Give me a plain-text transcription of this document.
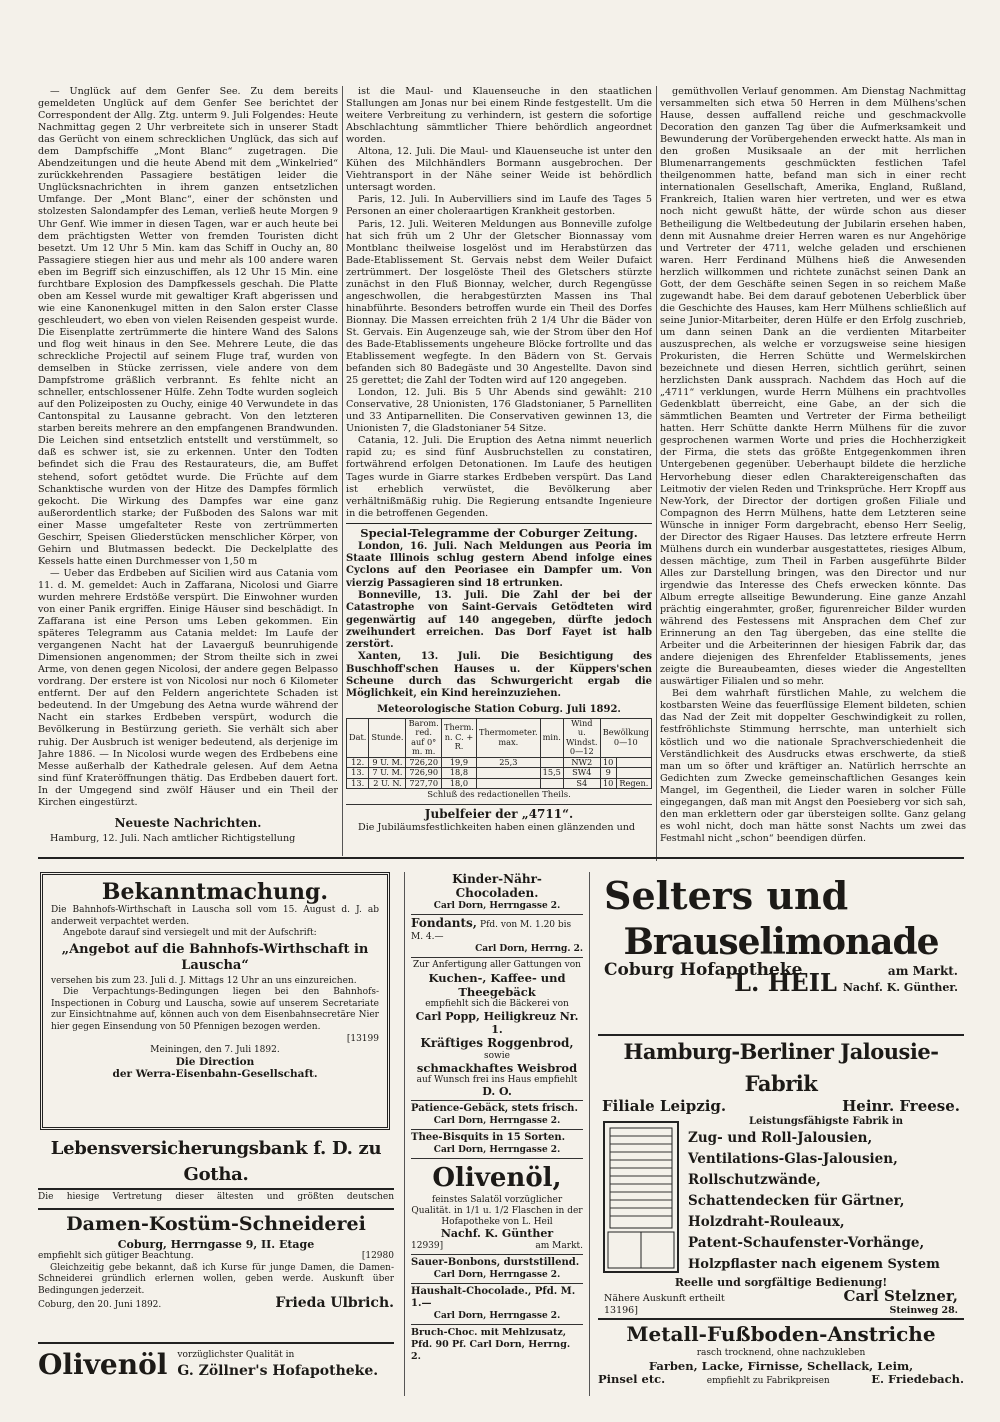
— Unglück auf dem Genfer See. Zu dem bereits gemeldeten Unglück auf dem Genfer See berichtet der Correspondent der Allg. Ztg. unterm 9. Juli Folgendes: Heute Nachmittag gegen 2 Uhr verbreitete sich in unserer Stadt das Gerücht von einem schrecklichen Unglück, das sich auf dem Dampfschiffe „Mont Blanc“ zugetragen. Die Abendzeitungen und die heute Abend mit dem „Winkelried“ zurückkehrenden Passagiere bestätigen leider die Unglücksnachrichten in ihrem ganzen entsetzlichen Umfange. Der „Mont Blanc“, einer der schönsten und stolzesten Salondampfer des Leman, verließ heute Morgen 9 Uhr Genf. Wie immer in diesen Tagen, war er auch heute bei dem prächtigsten Wetter von fremden Touristen dicht besetzt. Um 12 Uhr 5 Min. kam das Schiff in Ouchy an, 80 Passagiere stiegen hier aus und mehr als 100 andere waren eben im Begriff sich einzuschiffen, als 12 Uhr 15 Min. eine furchtbare Explosion des Dampfkessels geschah. Die Platte oben am Kessel wurde mit gewaltiger Kraft abgerissen und wie eine Kanonenkugel mitten in den Salon erster Classe geschleudert, wo eben von vielen Reisenden gespeist wurde. Die Eisenplatte zertrümmerte die hintere Wand des Salons und flog weit hinaus in den See. Mehrere Leute, die das schreckliche Projectil auf seinem Fluge traf, wurden von demselben in Stücke zerrissen, viele andere von dem Dampfstrome gräßlich verbrannt. Es fehlte nicht an schneller, entschlossener Hülfe. Zehn Todte wurden sogleich auf den Polizeiposten zu Ouchy, einige 40 Verwundete in das Cantonspital zu Lausanne gebracht. Von den letzteren starben bereits mehrere an den empfangenen Brandwunden. Die Leichen sind entsetzlich entstellt und verstümmelt, so daß es schwer ist, sie zu erkennen. Unter den Todten befindet sich die Frau des Restaurateurs, die, am Buffet stehend, sofort getödtet wurde. Die Früchte auf dem Schanktische wurden von der Hitze des Dampfes förmlich gekocht. Die Wirkung des Dampfes war eine ganz außerordentlich starke; der Fußboden des Salons war mit einer Masse umgefalteter Reste von zertrümmerten Geschirr, Speisen Gliederstücken menschlicher Körper, von Gehirn und Blutmassen bedeckt. Die Deckelplatte des Kessels hatte einen Durchmesser von 1,50 m

— Ueber das Erdbeben auf Sicilien wird aus Catania vom 11. d. M. gemeldet: Auch in Zaffarana, Nicolosi und Giarre wurden mehrere Erdstöße verspürt. Die Einwohner wurden von einer Panik ergriffen. Einige Häuser sind beschädigt. In Zaffarana ist eine Person ums Leben gekommen. Ein späteres Telegramm aus Catania meldet: Im Laufe der vergangenen Nacht hat der Lavaerguß beunruhigende Dimensionen angenommen; der Strom theilte sich in zwei Arme, von denen gegen Nicolosi, der andere gegen Belpasso vordrang. Der erstere ist von Nicolosi nur noch 6 Kilometer entfernt. Der auf den Feldern angerichtete Schaden ist bedeutend. In der Umgebung des Aetna wurde während der Nacht ein starkes Erdbeben verspürt, wodurch die Bevölkerung in Bestürzung gerieth. Sie verhält sich aber ruhig. Der Ausbruch ist weniger bedeutend, als derjenige im Jahre 1886. — In Nicolosi wurde wegen des Erdbebens eine Messe außerhalb der Kathedrale gelesen. Auf dem Aetna sind fünf Krateröffnungen thätig. Das Erdbeben dauert fort. In der Umgegend sind zwölf Häuser und ein Theil der Kirchen eingestürzt.

Neueste Nachrichten.

Hamburg, 12. Juli. Nach amtlicher Richtigstellung

ist die Maul- und Klauenseuche in den staatlichen Stallungen am Jonas nur bei einem Rinde festgestellt. Um die weitere Verbreitung zu verhindern, ist gestern die sofortige Abschlachtung sämmtlicher Thiere behördlich angeordnet worden.

Altona, 12. Juli. Die Maul- und Klauenseuche ist unter den Kühen des Milchhändlers Bormann ausgebrochen. Der Viehtransport in der Nähe seiner Weide ist behördlich untersagt worden.

Paris, 12. Juli. In Aubervilliers sind im Laufe des Tages 5 Personen an einer choleraartigen Krankheit gestorben.

Paris, 12. Juli. Weiteren Meldungen aus Bonneville zufolge hat sich früh um 2 Uhr der Gletscher Bionnassay vom Montblanc theilweise losgelöst und im Herabstürzen das Bade-Etablissement St. Gervais nebst dem Weiler Dufaict zertrümmert. Der losgelöste Theil des Gletschers stürzte zunächst in den Fluß Bionnay, welcher, durch Regengüsse angeschwollen, die herabgestürzten Massen ins Thal hinabführte. Besonders betroffen wurde ein Theil des Dorfes Bionnay. Die Massen erreichten früh 2 1/4 Uhr die Bäder von St. Gervais. Ein Augenzeuge sah, wie der Strom über den Hof des Bade-Etablissements ungeheure Blöcke fortrollte und das Etablissement wegfegte. In den Bädern von St. Gervais befanden sich 80 Badegäste und 30 Angestellte. Davon sind 25 gerettet; die Zahl der Todten wird auf 120 angegeben.

London, 12. Juli. Bis 5 Uhr Abends sind gewählt: 210 Conservative, 28 Unionisten, 176 Gladstonianer, 5 Parnelliten und 33 Antiparnelliten. Die Conservativen gewinnen 13, die Unionisten 7, die Gladstonianer 54 Sitze.

Catania, 12. Juli. Die Eruption des Aetna nimmt neuerlich rapid zu; es sind fünf Ausbruchstellen zu constatiren, fortwährend erfolgen Detonationen. Im Laufe des heutigen Tages wurde in Giarre starkes Erdbeben verspürt. Das Land ist erheblich verwüstet, die Bevölkerung aber verhältnißmäßig ruhig. Die Regierung entsandte Ingenieure in die betroffenen Gegenden.

Special-Telegramme der Coburger Zeitung.

London, 16. Juli. Nach Meldungen aus Peoria im Staate Illinois schlug gestern Abend infolge eines Cyclons auf den Peoriasee ein Dampfer um. Von vierzig Passagieren sind 18 ertrunken.

Bonneville, 13. Juli. Die Zahl der bei der Catastrophe von Saint-Gervais Getödteten wird gegenwärtig auf 140 angegeben, dürfte jedoch zweihundert erreichen. Das Dorf Fayet ist halb zerstört.

Xanten, 13. Juli. Die Besichtigung des Buschhoff'schen Hauses u. der Küppers'schen Scheune durch das Schwurgericht ergab die Möglichkeit, ein Kind hereinzuziehen.

Meteorologische Station Coburg. Juli 1892.
Dat.	Stunde.	Barom. red. auf 0° m. m.	Therm. n. C. + R.	Thermometer. max.	min.	Wind u. Windst. 0—12	Bewölkung 0—10	
12.	9 U. M.	726,20	19,9	25,3		NW2	10	
13.	7 U. M.	726,90	18,8		15,5	SW4	9	
13.	2 U. N.	727,70	18,0			S4	10	Regen.
Schluß des redactionellen Theils.
Jubelfeier der „4711“.

Die Jubiläumsfestlichkeiten haben einen glänzenden und

gemüthvollen Verlauf genommen. Am Dienstag Nachmittag versammelten sich etwa 50 Herren in dem Mülhens'schen Hause, dessen auffallend reiche und geschmackvolle Decoration den ganzen Tag über die Aufmerksamkeit und Bewunderung der Vorübergehenden erweckt hatte. Als man in den großen Musiksaale an der mit herrlichen Blumenarrangements geschmückten festlichen Tafel theilgenommen hatte, befand man sich in einer recht internationalen Gesellschaft, Amerika, England, Rußland, Frankreich, Italien waren hier vertreten, und wer es etwa noch nicht gewußt hätte, der würde schon aus dieser Betheiligung die Weltbedeutung der Jubilarin ersehen haben, denn mit Ausnahme dreier Herren waren es nur Angehörige und Vertreter der 4711, welche geladen und erschienen waren. Herr Ferdinand Mülhens hieß die Anwesenden herzlich willkommen und richtete zunächst seinen Dank an Gott, der dem Geschäfte seinen Segen in so reichem Maße zugewandt habe. Bei dem darauf gebotenen Ueberblick über die Geschichte des Hauses, kam Herr Mülhens schließlich auf seine Junior-Mitarbeiter, deren Hülfe er den Erfolg zuschrieb, um dann seinen Dank an die verdienten Mitarbeiter auszusprechen, als welche er vorzugsweise seine hiesigen Prokuristen, die Herren Schütte und Wermelskirchen bezeichnete und diesen Herren, sichtlich gerührt, seinen herzlichsten Dank aussprach. Nachdem das Hoch auf die „4711“ verklungen, wurde Herrn Mülhens ein prachtvolles Gedenkblatt überreicht, eine Gabe, an der sich die sämmtlichen Beamten und Vertreter der Firma betheiligt hatten. Herr Schütte dankte Herrn Mülhens für die zuvor gesprochenen warmen Worte und pries die Hochherzigkeit der Firma, die stets das größte Entgegenkommen ihren Untergebenen gegenüber. Ueberhaupt bildete die herzliche Hervorhebung dieser edlen Charaktereigenschaften das Leitmotiv der vielen Reden und Trinksprüche. Herr Kropff aus New-York, der Director der dortigen großen Filiale und Compagnon des Herrn Mülhens, hatte dem Letzteren seine Wünsche in inniger Form dargebracht, ebenso Herr Seelig, der Director des Rigaer Hauses. Das letztere erfreute Herrn Mülhens durch ein wunderbar ausgestattetes, riesiges Album, dessen mächtige, zum Theil in Farben ausgeführte Bilder Alles zur Darstellung bringen, was den Director und nur irgendwie das Interesse des Chefs erwecken könnte. Das Album erregte allseitige Bewunderung. Eine ganze Anzahl prächtig eingerahmter, großer, figurenreicher Bilder wurden während des Festessens mit Ansprachen dem Chef zur Erinnerung an den Tag übergeben, das eine stellte die Arbeiter und die Arbeiterinnen der hiesigen Fabrik dar, das andere diejenigen des Ehrenfelder Etablissements, jenes zeigte die Bureaubeamten, dieses wieder die Angestellten auswärtiger Filialen und so mehr.

Bei dem wahrhaft fürstlichen Mahle, zu welchem die kostbarsten Weine das feuerflüssige Element bildeten, schien das Nad der Zeit mit doppelter Geschwindigkeit zu rollen, festfröhlichste Stimmung herrschte, man unterhielt sich köstlich und wo die nationale Sprachverschiedenheit die Verständlichkeit des Ausdrucks etwas erschwerte, da stieß man um so öfter und kräftiger an. Natürlich herrschte an Gedichten zum Zwecke gemeinschaftlichen Gesanges kein Mangel, im Gegentheil, die Lieder waren in solcher Fülle eingegangen, daß man mit Angst den Poesieberg vor sich sah, den man erklettern oder gar übersteigen sollte. Ganz gelang es wohl nicht, doch man hätte sonst Nachts um zwei das Festmahl nicht „schon“ beendigen dürfen.

Bekanntmachung.
Die Bahnhofs-Wirthschaft in Lauscha soll vom 15. August d. J. ab anderweit verpachtet werden.
Angebote darauf sind versiegelt und mit der Aufschrift:
„Angebot auf die Bahnhofs-Wirthschaft in Lauscha“
versehen bis zum 23. Juli d. J. Mittags 12 Uhr an uns einzureichen.
Die Verpachtungs-Bedingungen liegen bei den Bahnhofs-Inspectionen in Coburg und Lauscha, sowie auf unserem Secretariate zur Einsichtnahme auf, können auch von dem Eisenbahnsecretäre Nier hier gegen Einsendung von 50 Pfennigen bezogen werden.
[13199
Meiningen, den 7. Juli 1892.
Die Direction
der Werra-Eisenbahn-Gesellschaft.
Lebensversicherungsbank f. D. zu Gotha.
Die hiesige Vertretung dieser ältesten und größten deutschen
Damen-Kostüm-Schneiderei
Coburg, Herrngasse 9, II. Etage
empfiehlt sich gütiger Beachtung.	[12980
Gleichzeitig gebe bekannt, daß ich Kurse für junge Damen, die Damen-Schneiderei gründlich erlernen wollen, geben werde. Auskunft über Bedingungen jederzeit.
Coburg, den 20. Juni 1892.	Frieda Ulbrich.
Olivenöl vorzüglichster Qualität in
G. Zöllner's Hofapotheke.
Kinder-Nähr-Chocoladen.
Carl Dorn, Herrngasse 2.
Fondants, Pfd. von M. 1.20 bis M. 4.—
Carl Dorn, Herrng. 2.
Zur Anfertigung aller Gattungen von
Kuchen-, Kaffee- und Theegebäck
empfiehlt sich die Bäckerei von
Carl Popp, Heiligkreuz Nr. 1.
Kräftiges Roggenbrod,
sowie
schmackhaftes Weisbrod
auf Wunsch frei ins Haus empfiehlt
D. O.
Patience-Gebäck, stets frisch.
Carl Dorn, Herrngasse 2.
Thee-Bisquits in 15 Sorten.
Carl Dorn, Herrngasse 2.
Olivenöl,
feinstes Salatöl vorzüglicher Qualität. in 1/1 u. 1/2 Flaschen in der Hofapotheke von L. Heil
Nachf. K. Günther
12939]	am Markt.
Sauer-Bonbons, durststillend.
Carl Dorn, Herrngasse 2.
Haushalt-Chocolade., Pfd. M. 1.—
Carl Dorn, Herrngasse 2.
Bruch-Choc. mit Mehlzusatz, Pfd. 90 Pf. Carl Dorn, Herrng. 2.
Selters und
Brauselimonade
Coburg Hofapotheke	am Markt.
L. HEIL Nachf. K. Günther.
Hamburg-Berliner Jalousie-Fabrik
Filiale Leipzig.	Heinr. Freese.
Leistungsfähigste Fabrik in
Zug- und Roll-Jalousien,
Ventilations-Glas-Jalousien,
Rollschutzwände,
Schattendecken für Gärtner,
Holzdraht-Rouleaux,
Patent-Schaufenster-Vorhänge,
Holzpflaster nach eigenem System
Reelle und sorgfältige Bedienung!
Nähere Auskunft ertheilt	Carl Stelzner,
13196]	Steinweg 28.
Metall-Fußboden-Anstriche
rasch trocknend, ohne nachzukleben
Farben, Lacke, Firnisse, Schellack, Leim,
Pinsel etc.	empfiehlt zu Fabrikpreisen	E. Friedebach.
